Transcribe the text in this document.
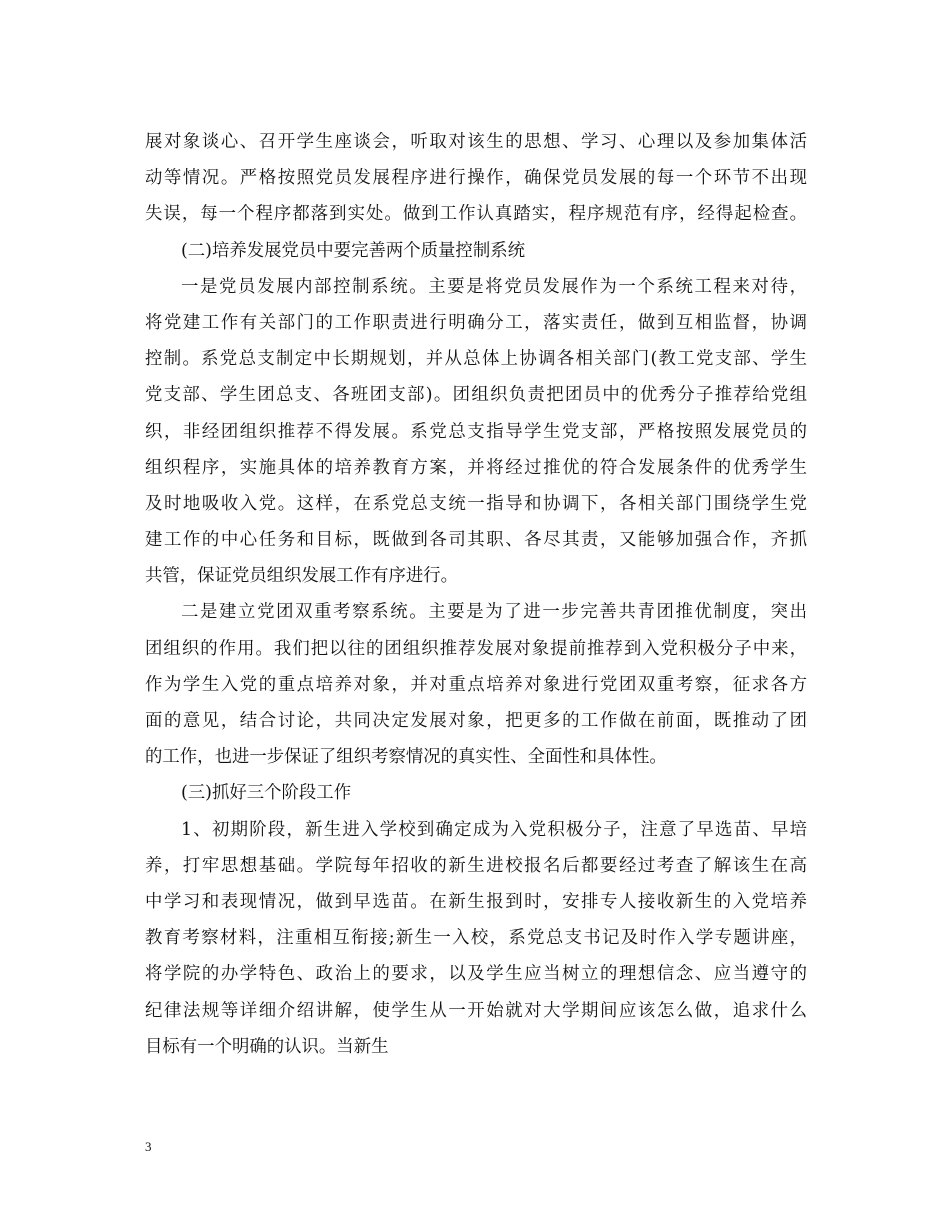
展对象谈心、召开学生座谈会，听取对该生的思想、学习、心理以及参加集体活
动等情况。严格按照党员发展程序进行操作，确保党员发展的每一个环节不出现
失误，每一个程序都落到实处。做到工作认真踏实，程序规范有序，经得起检查。
(二)培养发展党员中要完善两个质量控制系统
一是党员发展内部控制系统。主要是将党员发展作为一个系统工程来对待，
将党建工作有关部门的工作职责进行明确分工，落实责任，做到互相监督，协调
控制。系党总支制定中长期规划，并从总体上协调各相关部门(教工党支部、学生
党支部、学生团总支、各班团支部)。团组织负责把团员中的优秀分子推荐给党组
织，非经团组织推荐不得发展。系党总支指导学生党支部，严格按照发展党员的
组织程序，实施具体的培养教育方案，并将经过推优的符合发展条件的优秀学生
及时地吸收入党。这样，在系党总支统一指导和协调下，各相关部门围绕学生党
建工作的中心任务和目标，既做到各司其职、各尽其责，又能够加强合作，齐抓
共管，保证党员组织发展工作有序进行。
二是建立党团双重考察系统。主要是为了进一步完善共青团推优制度，突出
团组织的作用。我们把以往的团组织推荐发展对象提前推荐到入党积极分子中来，
作为学生入党的重点培养对象，并对重点培养对象进行党团双重考察，征求各方
面的意见，结合讨论，共同决定发展对象，把更多的工作做在前面，既推动了团
的工作，也进一步保证了组织考察情况的真实性、全面性和具体性。
(三)抓好三个阶段工作
1、初期阶段，新生进入学校到确定成为入党积极分子，注意了早选苗、早培
养，打牢思想基础。学院每年招收的新生进校报名后都要经过考查了解该生在高
中学习和表现情况，做到早选苗。在新生报到时，安排专人接收新生的入党培养
教育考察材料，注重相互衔接;新生一入校，系党总支书记及时作入学专题讲座，
将学院的办学特色、政治上的要求，以及学生应当树立的理想信念、应当遵守的
纪律法规等详细介绍讲解，使学生从一开始就对大学期间应该怎么做，追求什么
目标有一个明确的认识。当新生
3
